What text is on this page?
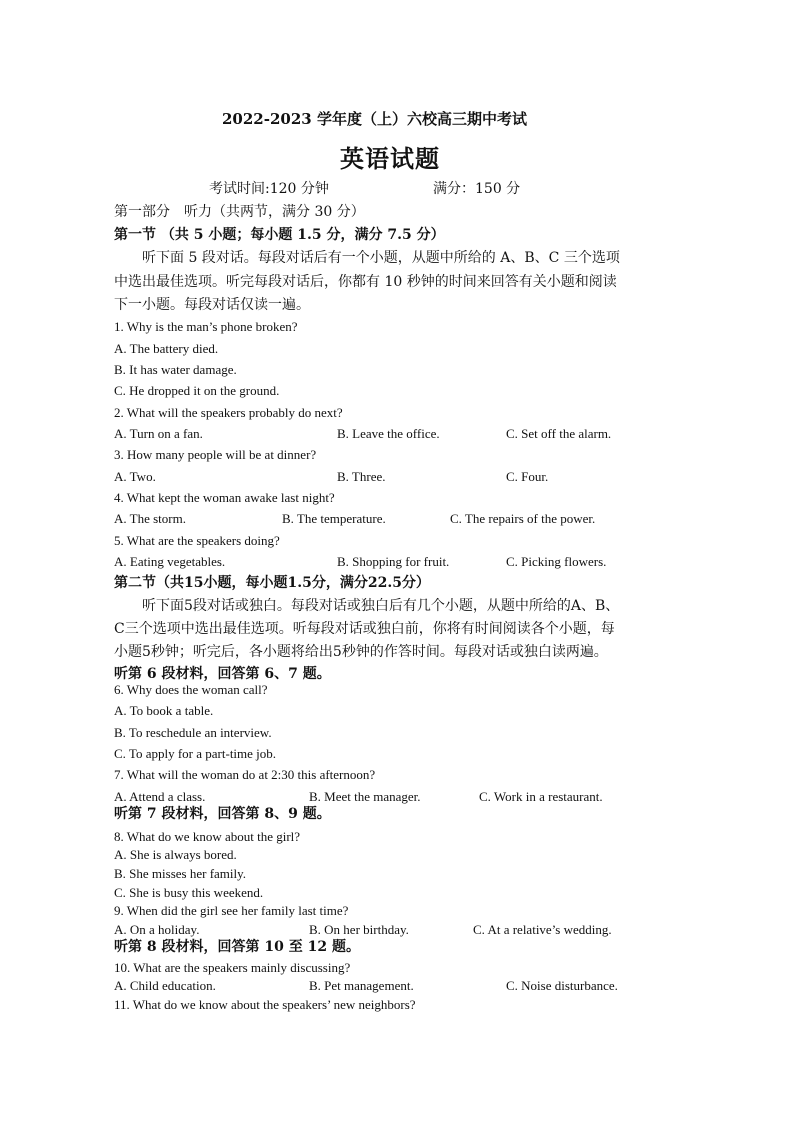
2022-2023 学年度（上）六校高三期中考试
英语试题
考试时间:120 分钟	满分：150 分
第一部分　听力（共两节，满分 30 分）
第一节 （共 5 小题；每小题 1.5 分，满分 7.5 分）
听下面 5 段对话。每段对话后有一个小题，从题中所给的 A、B、C 三个选项
中选出最佳选项。听完每段对话后，你都有 10 秒钟的时间来回答有关小题和阅读
下一小题。每段对话仅读一遍。
1. Why is the man’s phone broken?
A. The battery died.
B. It has water damage.
C. He dropped it on the ground.
2. What will the speakers probably do next?
A. Turn on a fan.	B. Leave the office.	C. Set off the alarm.
3. How many people will be at dinner?
A. Two.	B. Three.	C. Four.
4. What kept the woman awake last night?
A. The storm.	B. The temperature.	C. The repairs of the power.
5. What are the speakers doing?
A. Eating vegetables.	B. Shopping for fruit.	C. Picking flowers.
第二节（共15小题，每小题1.5分，满分22.5分）
听下面5段对话或独白。每段对话或独白后有几个小题，从题中所给的A、B、
C三个选项中选出最佳选项。听每段对话或独白前，你将有时间阅读各个小题，每
小题5秒钟；听完后，各小题将给出5秒钟的作答时间。每段对话或独白读两遍。
听第 6 段材料，回答第 6、7 题。
6. Why does the woman call?
A. To book a table.
B. To reschedule an interview.
C. To apply for a part-time job.
7. What will the woman do at 2:30 this afternoon?
A. Attend a class.	B. Meet the manager.	C. Work in a restaurant.
听第 7 段材料，回答第 8、9 题。
8. What do we know about the girl?
A. She is always bored.
B. She misses her family.
C. She is busy this weekend.
9. When did the girl see her family last time?
A. On a holiday.	B. On her birthday.	C. At a relative’s wedding.
听第 8 段材料，回答第 10 至 12 题。
10. What are the speakers mainly discussing?
A. Child education.	B. Pet management.	C. Noise disturbance.
11. What do we know about the speakers’ new neighbors?
